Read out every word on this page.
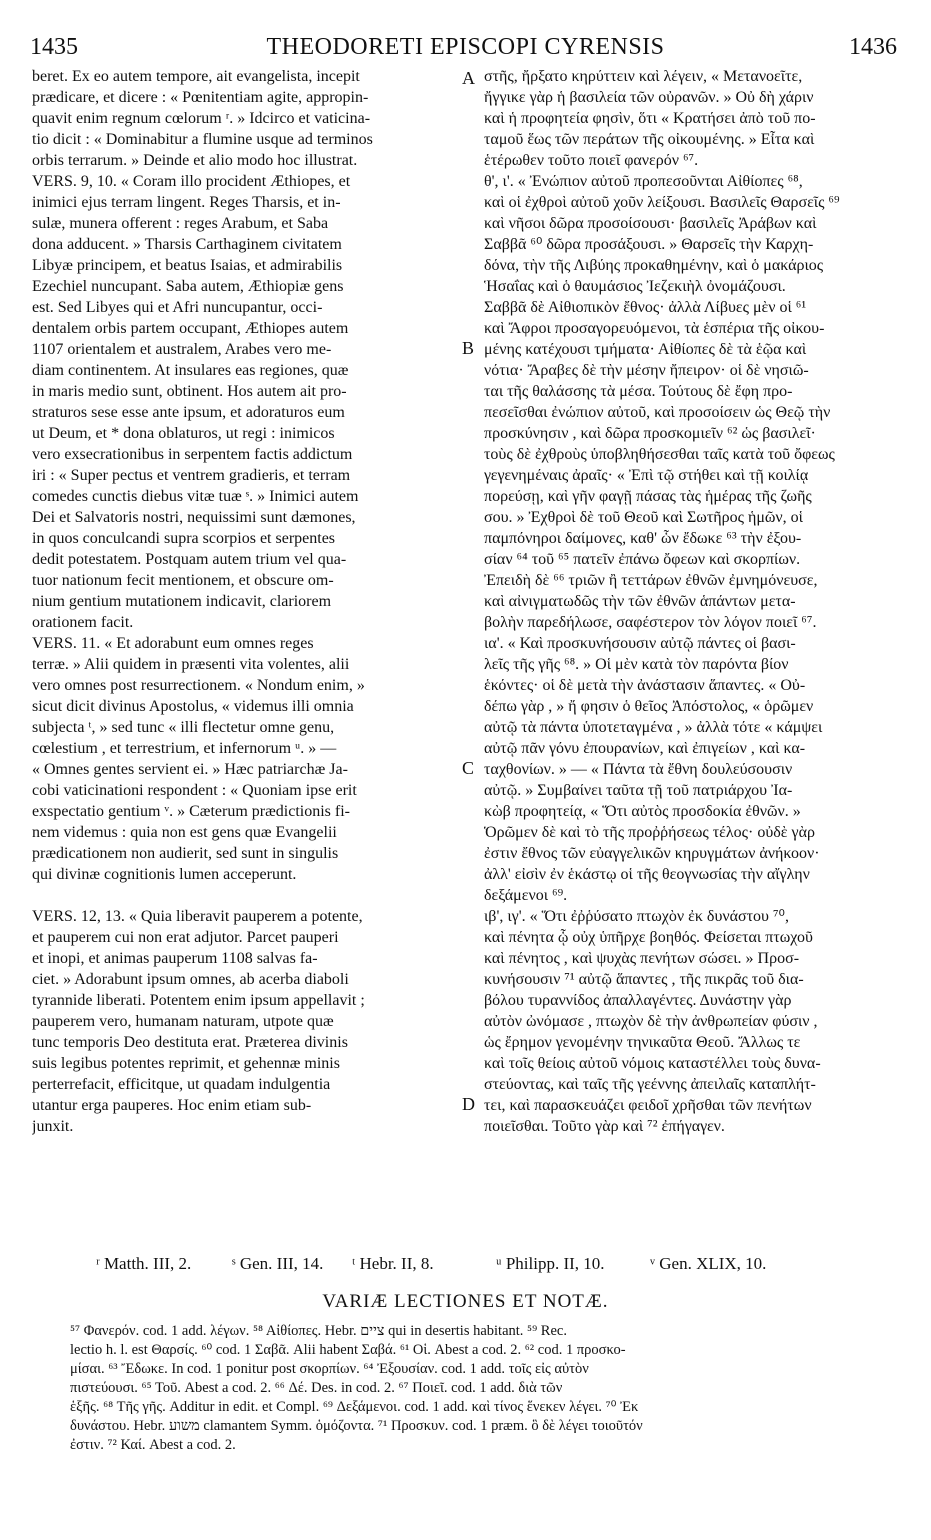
1435	THEODORETI EPISCOPI CYRENSIS	1436
beret. Ex eo autem tempore, ait evangelista, incepit
prædicare, et dicere : « Pœnitentiam agite, appropin-
quavit enim regnum cœlorum ʳ. » Idcirco et vaticina-
tio dicit : « Dominabitur a flumine usque ad terminos
orbis terrarum. » Deinde et alio modo hoc illustrat.
VERS. 9, 10. « Coram illo procident Æthiopes, et
inimici ejus terram lingent. Reges Tharsis, et in-
sulæ, munera offerent : reges Arabum, et Saba
dona adducent. » Tharsis Carthaginem civitatem
Libyæ principem, et beatus Isaias, et admirabilis
Ezechiel nuncupant. Saba autem, Æthiopiæ gens
est. Sed Libyes qui et Afri nuncupantur, occi-
dentalem orbis partem occupant, Æthiopes autem
1107 orientalem et australem, Arabes vero me-
diam continentem. At insulares eas regiones, quæ
in maris medio sunt, obtinent. Hos autem ait pro-
straturos sese esse ante ipsum, et adoraturos eum
ut Deum, et * dona oblaturos, ut regi : inimicos
vero exsecrationibus in serpentem factis addictum
iri : « Super pectus et ventrem gradieris, et terram
comedes cunctis diebus vitæ tuæ ˢ. » Inimici autem
Dei et Salvatoris nostri, nequissimi sunt dæmones,
in quos conculcandi supra scorpios et serpentes
dedit potestatem. Postquam autem trium vel qua-
tuor nationum fecit mentionem, et obscure om-
nium gentium mutationem indicavit, clariorem
orationem facit.
VERS. 11. « Et adorabunt eum omnes reges
terræ. » Alii quidem in præsenti vita volentes, alii
vero omnes post resurrectionem. « Nondum enim, »
sicut dicit divinus Apostolus, « videmus illi omnia
subjecta ᵗ, » sed tunc « illi flectetur omne genu,
cœlestium , et terrestrium, et infernorum ᵘ. » —
« Omnes gentes servient ei. » Hæc patriarchæ Ja-
cobi vaticinationi respondent : « Quoniam ipse erit
exspectatio gentium ᵛ. » Cæterum prædictionis fi-
nem videmus : quia non est gens quæ Evangelii
prædicationem non audierit, sed sunt in singulis
qui divinæ cognitionis lumen acceperunt.
VERS. 12, 13. « Quia liberavit pauperem a potente,
et pauperem cui non erat adjutor. Parcet pauperi
et inopi, et animas pauperum 1108 salvas fa-
ciet. » Adorabunt ipsum omnes, ab acerba diaboli
tyrannide liberati. Potentem enim ipsum appellavit ;
pauperem vero, humanam naturam, utpote quæ
tunc temporis Deo destituta erat. Præterea divinis
suis legibus potentes reprimit, et gehennæ minis
perterrefacit, efficitque, ut quadam indulgentia
utantur erga pauperes. Hoc enim etiam sub-
junxit.
στῆς, ἤρξατο κηρύττειν καὶ λέγειν, « Μετανοεῖτε,
ἤγγικε γὰρ ἡ βασιλεία τῶν οὐρανῶν. » Οὐ δὴ χάριν
καὶ ἡ προφητεία φησὶν, ὅτι « Κρατήσει ἀπὸ τοῦ πο-
ταμοῦ ἕως τῶν περάτων τῆς οἰκουμένης. » Εἶτα καὶ
ἑτέρωθεν τοῦτο ποιεῖ φανερόν ⁶⁷.
θ', ι'. « Ἐνώπιον αὐτοῦ προπεσοῦνται Αἰθίοπες ⁶⁸,
καὶ οἱ ἐχθροὶ αὐτοῦ χοῦν λείξουσι. Βασιλεῖς Θαρσεῖς ⁶⁹
καὶ νῆσοι δῶρα προσοίσουσι· βασιλεῖς Ἀράβων καὶ
Σαββᾶ ⁶⁰ δῶρα προσάξουσι. » Θαρσεῖς τὴν Καρχη-
δόνα, τὴν τῆς Λιβύης προκαθημένην, καὶ ὁ μακάριος
Ἡσαΐας καὶ ὁ θαυμάσιος Ἰεζεκιὴλ ὀνομάζουσι.
Σαββᾶ δὲ Αἰθιοπικὸν ἔθνος· ἀλλὰ Λίβυες μὲν οἱ ⁶¹
καὶ Ἄφροι προσαγορευόμενοι, τὰ ἑσπέρια τῆς οἰκου-
μένης κατέχουσι τμήματα· Αἰθίοπες δὲ τὰ ἑῷα καὶ
νότια· Ἄραβες δὲ τὴν μέσην ἤπειρον· οἱ δὲ νησιῶ-
ται τῆς θαλάσσης τὰ μέσα. Τούτους δὲ ἔφη προ-
πεσεῖσθαι ἐνώπιον αὐτοῦ, καὶ προσοίσειν ὡς Θεῷ τὴν
προσκύνησιν , καὶ δῶρα προσκομιεῖν ⁶² ὡς βασιλεῖ·
τοὺς δὲ ἐχθροὺς ὑποβληθήσεσθαι ταῖς κατὰ τοῦ ὄφεως
γεγενημέναις ἀραῖς· « Ἐπὶ τῷ στήθει καὶ τῇ κοιλίᾳ
πορεύσῃ, καὶ γῆν φαγῇ πάσας τὰς ἡμέρας τῆς ζωῆς
σου. » Ἐχθροὶ δὲ τοῦ Θεοῦ καὶ Σωτῆρος ἡμῶν, οἱ
παμπόνηροι δαίμονες, καθ' ὧν ἔδωκε ⁶³ τὴν ἐξου-
σίαν ⁶⁴ τοῦ ⁶⁵ πατεῖν ἐπάνω ὄφεων καὶ σκορπίων.
Ἐπειδὴ δὲ ⁶⁶ τριῶν ἢ τεττάρων ἐθνῶν ἐμνημόνευσε,
καὶ αἰνιγματωδῶς τὴν τῶν ἐθνῶν ἁπάντων μετα-
βολὴν παρεδήλωσε, σαφέστερον τὸν λόγον ποιεῖ ⁶⁷.
ια'. « Καὶ προσκυνήσουσιν αὐτῷ πάντες οἱ βασι-
λεῖς τῆς γῆς ⁶⁸. » Οἱ μὲν κατὰ τὸν παρόντα βίον
ἑκόντες· οἱ δὲ μετὰ τὴν ἀνάστασιν ἅπαντες. « Οὐ-
δέπω γὰρ , » ἤ φησιν ὁ θεῖος Ἀπόστολος, « ὁρῶμεν
αὐτῷ τὰ πάντα ὑποτεταγμένα , » ἀλλὰ τότε « κάμψει
αὐτῷ πᾶν γόνυ ἐπουρανίων, καὶ ἐπιγείων , καὶ κα-
ταχθονίων. » — « Πάντα τὰ ἔθνη δουλεύσουσιν
αὐτῷ. » Συμβαίνει ταῦτα τῇ τοῦ πατριάρχου Ἰα-
κὼβ προφητείᾳ, « Ὅτι αὐτὸς προσδοκία ἐθνῶν. »
Ὁρῶμεν δὲ καὶ τὸ τῆς προῤῥήσεως τέλος· οὐδὲ γὰρ
ἐστιν ἔθνος τῶν εὐαγγελικῶν κηρυγμάτων ἀνήκοον·
ἀλλ' εἰσὶν ἐν ἑκάστῳ οἱ τῆς θεογνωσίας τὴν αἴγλην
δεξάμενοι ⁶⁹.
ιβ', ιγ'. « Ὅτι ἐῤῥύσατο πτωχὸν ἐκ δυνάστου ⁷⁰,
καὶ πένητα ᾧ οὐχ ὑπῆρχε βοηθός. Φείσεται πτωχοῦ
καὶ πένητος , καὶ ψυχὰς πενήτων σώσει. » Προσ-
κυνήσουσιν ⁷¹ αὐτῷ ἅπαντες , τῆς πικρᾶς τοῦ δια-
βόλου τυραννίδος ἀπαλλαγέντες. Δυνάστην γὰρ
αὐτὸν ὠνόμασε , πτωχὸν δὲ τὴν ἀνθρωπείαν φύσιν ,
ὡς ἔρημον γενομένην τηνικαῦτα Θεοῦ. Ἄλλως τε
καὶ τοῖς θείοις αὐτοῦ νόμοις καταστέλλει τοὺς δυνα-
στεύοντας, καὶ ταῖς τῆς γεέννης ἀπειλαῖς καταπλήτ-
τει, καὶ παρασκευάζει φειδοῖ χρῆσθαι τῶν πενήτων
ποιεῖσθαι. Τοῦτο γὰρ καὶ ⁷² ἐπήγαγεν.
A
B
C
D
ʳ Matth. III, 2. ˢ Gen. III, 14. ᵗ Hebr. II, 8.	ᵘ Philipp. II, 10.	ᵛ Gen. XLIX, 10.
VARIÆ LECTIONES ET NOTÆ.
⁵⁷ Φανερόν. cod. 1 add. λέγων. ⁵⁸ Αἰθίοπες. Hebr. ציים qui in desertis habitant. ⁵⁹ Rec.
lectio h. l. est Θαρσίς. ⁶⁰ cod. 1 Σαβᾶ. Alii habent Σαβά. ⁶¹ Oἱ. Abest a cod. 2. ⁶² cod. 1 προσκο-
μίσαι. ⁶³ Ἔδωκε. In cod. 1 ponitur post σκορπίων. ⁶⁴ Ἐξουσίαν. cod. 1 add. τοῖς εἰς αὐτὸν
πιστεύουσι. ⁶⁵ Τοῦ. Abest a cod. 2. ⁶⁶ Δέ. Des. in cod. 2. ⁶⁷ Ποιεῖ. cod. 1 add. διὰ τῶν
ἑξῆς. ⁶⁸ Τῆς γῆς. Additur in edit. et Compl. ⁶⁹ Δεξάμενοι. cod. 1 add. καὶ τίνος ἕνεκεν λέγει. ⁷⁰ Ἐκ
δυνάστου. Hebr. משוע clamantem Symm. ὁμόζοντα. ⁷¹ Προσκυν. cod. 1 præm. ὃ δὲ λέγει τοιοῦτόν
ἐστιν. ⁷² Καί. Abest a cod. 2.
